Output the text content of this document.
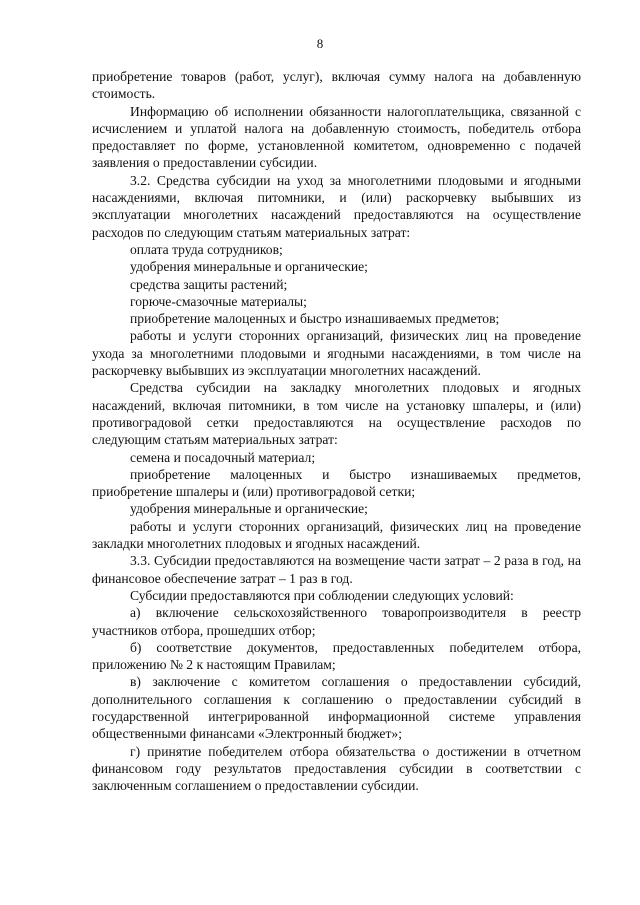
8

приобретение товаров (работ, услуг), включая сумму налога на добавленную стоимость.

Информацию об исполнении обязанности налогоплательщика, связанной с исчислением и уплатой налога на добавленную стоимость, победитель отбора предоставляет по форме, установленной комитетом, одновременно с подачей заявления о предоставлении субсидии.

3.2. Средства субсидии на уход за многолетними плодовыми и ягодными насаждениями, включая питомники, и (или) раскорчевку выбывших из эксплуатации многолетних насаждений предоставляются на осуществление расходов по следующим статьям материальных затрат:

оплата труда сотрудников;

удобрения минеральные и органические;

средства защиты растений;

горюче-смазочные материалы;

приобретение малоценных и быстро изнашиваемых предметов;

работы и услуги сторонних организаций, физических лиц на проведение ухода за многолетними плодовыми и ягодными насаждениями, в том числе на раскорчевку выбывших из эксплуатации многолетних насаждений.

Средства субсидии на закладку многолетних плодовых и ягодных насаждений, включая питомники, в том числе на установку шпалеры, и (или) противоградовой сетки предоставляются на осуществление расходов по следующим статьям материальных затрат:

семена и посадочный материал;

приобретение малоценных и быстро изнашиваемых предметов, приобретение шпалеры и (или) противоградовой сетки;

удобрения минеральные и органические;

работы и услуги сторонних организаций, физических лиц на проведение закладки многолетних плодовых и ягодных насаждений.

3.3. Субсидии предоставляются на возмещение части затрат – 2 раза в год, на финансовое обеспечение затрат – 1 раз в год.

Субсидии предоставляются при соблюдении следующих условий:

а) включение сельскохозяйственного товаропроизводителя в реестр участников отбора, прошедших отбор;

б) соответствие документов, предоставленных победителем отбора, приложению № 2 к настоящим Правилам;

в) заключение с комитетом соглашения о предоставлении субсидий, дополнительного соглашения к соглашению о предоставлении субсидий в государственной интегрированной информационной системе управления общественными финансами «Электронный бюджет»;

г) принятие победителем отбора обязательства о достижении в отчетном финансовом году результатов предоставления субсидии в соответствии с заключенным соглашением о предоставлении субсидии.
